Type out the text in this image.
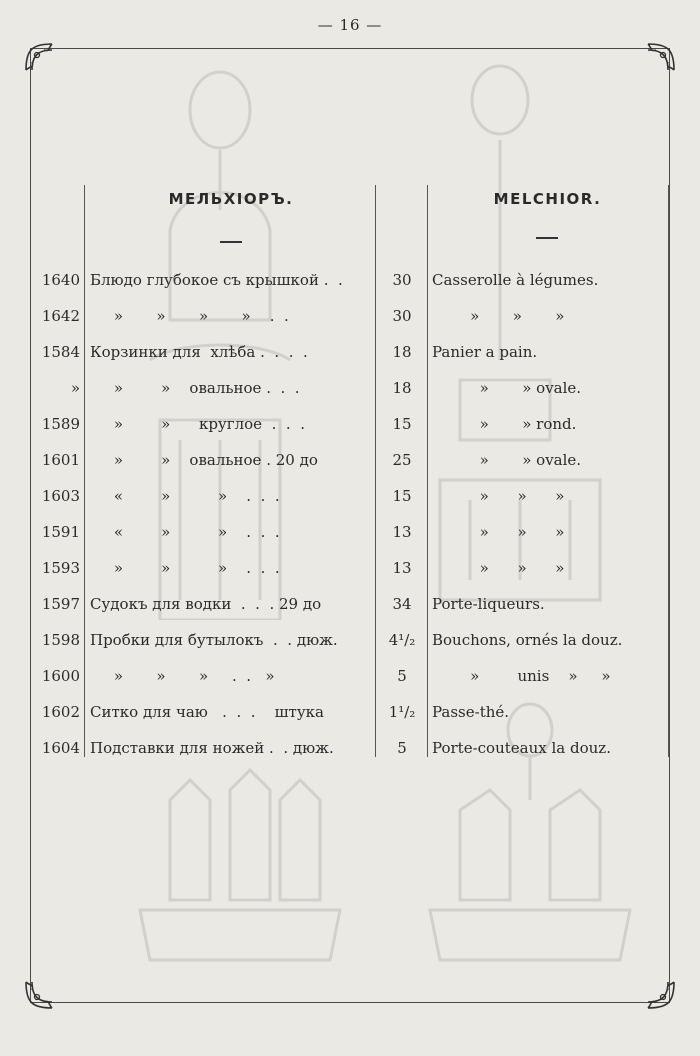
— 16 —
МЕЛЬХІОРЪ.	MELCHIOR.
1640 Блюдо глубокое съ крышкой .  .	30	Casserolle à légumes.
1642 »       »       »       »    .  .	30	»       »       »
1584 Корзинки для  хлѣба .  .  .  .	18	Panier a pain.
» »        »    овальное .  .  .	18	»       » ovale.
1589 »        »      круглое  .  .  .	15	»       » rond.
1601 »        »    овальное . 20 до	25	»       » ovale.
1603 «        »          »    .  .  .	15	»      »      »
1591 «        »          »    .  .  .	13	»      »      »
1593 »        »          »    .  .  .	13	»      »      »
1597 Судокъ для водки  .  .  . 29 до	34	Porte-liqueurs.
1598 Пробки для бутылокъ  .  . дюж.	4¹/₂	Bouchons, ornés la douz.
1600 »       »       »     .  .   »	5	»        unis    »     »
1602 Ситко для чаю   .  .  .    штука	1¹/₂	Passe-thé.
1604 Подставки для ножей .  . дюж.	5	Porte-couteaux la douz.
